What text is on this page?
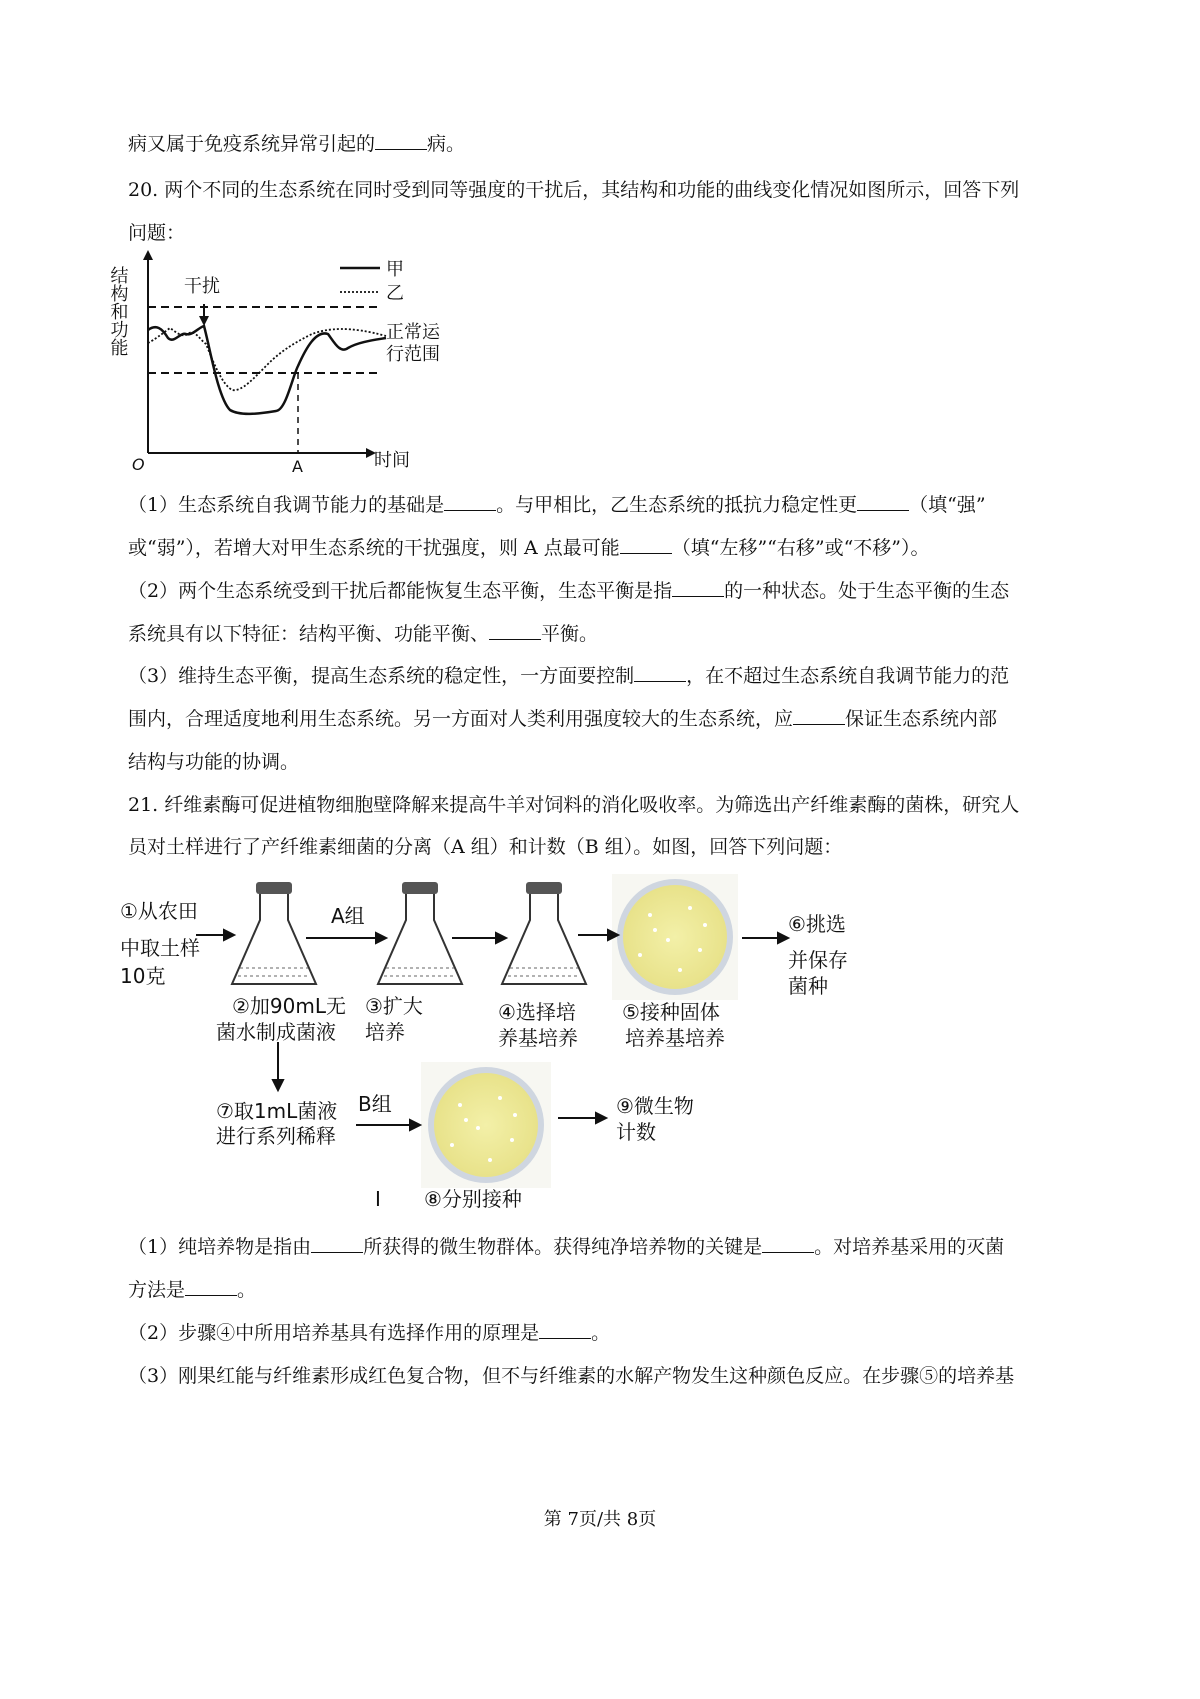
病又属于免疫系统异常引起的	病。
20. 两个不同的生态系统在同时受到同等强度的干扰后，其结构和功能的曲线变化情况如图所示，回答下列
问题：
O	A	时间
干扰
甲
乙
正常运
行范围
结构和功能
（1）生态系统自我调节能力的基础是	。与甲相比，乙生态系统的抵抗力稳定性更	（填“强”
或“弱”），若增大对甲生态系统的干扰强度，则 A 点最可能	（填“左移”“右移”或“不移”）。
（2）两个生态系统受到干扰后都能恢复生态平衡，生态平衡是指	的一种状态。处于生态平衡的生态
系统具有以下特征：结构平衡、功能平衡、	平衡。
（3）维持生态平衡，提高生态系统的稳定性，一方面要控制	，在不超过生态系统自我调节能力的范
围内，合理适度地利用生态系统。另一方面对人类利用强度较大的生态系统，应	保证生态系统内部
结构与功能的协调。
21. 纤维素酶可促进植物细胞壁降解来提高牛羊对饲料的消化吸收率。为筛选出产纤维素酶的菌株，研究人
员对土样进行了产纤维素细菌的分离（A 组）和计数（B 组）。如图，回答下列问题：
①从农田
中取土样
10克
A组
②加90mL无
菌水制成菌液
③扩大
培养
④选择培
养基培养
⑤接种固体
培养基培养
⑥挑选
并保存
菌种
⑦取1mL菌液
进行系列稀释
B组
I ⑧分别接种
⑨微生物
计数
（1）纯培养物是指由	所获得的微生物群体。获得纯净培养物的关键是	。对培养基采用的灭菌
方法是	。
（2）步骤④中所用培养基具有选择作用的原理是	。
（3）刚果红能与纤维素形成红色复合物，但不与纤维素的水解产物发生这种颜色反应。在步骤⑤的培养基
第 7页/共 8页
